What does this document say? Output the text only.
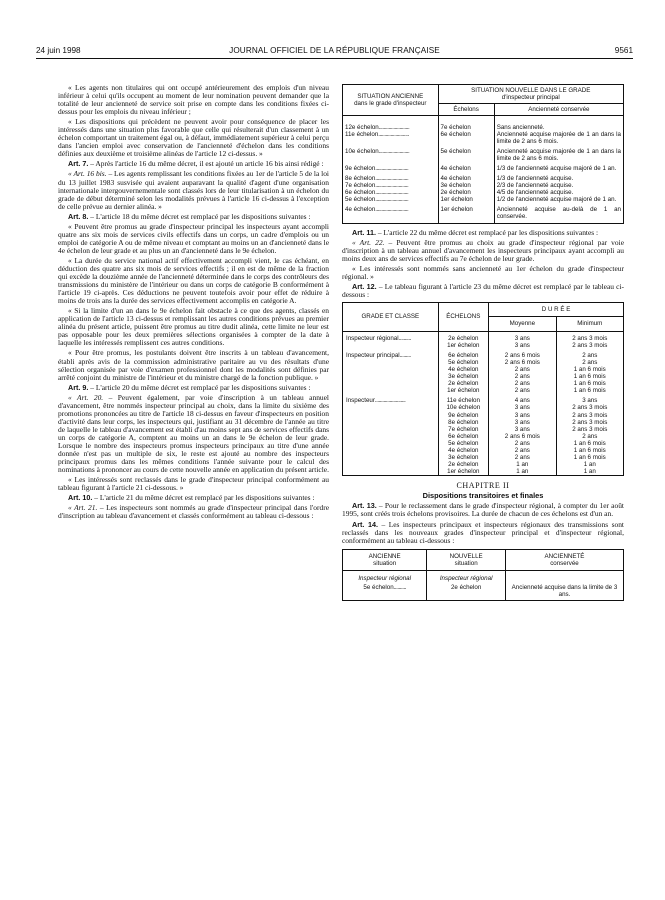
24 juin 1998	JOURNAL OFFICIEL DE LA RÉPUBLIQUE FRANÇAISE	9561

« Les agents non titulaires qui ont occupé antérieurement des emplois d'un niveau inférieur à celui qu'ils occupent au moment de leur nomination peuvent demander que la totalité de leur ancienneté de service soit prise en compte dans les conditions fixées ci-dessus pour les emplois du niveau inférieur ;

« Les dispositions qui précèdent ne peuvent avoir pour conséquence de placer les intéressés dans une situation plus favorable que celle qui résulterait d'un classement à un échelon comportant un traitement égal ou, à défaut, immédiatement supérieur à celui perçu dans l'ancien emploi avec conservation de l'ancienneté d'échelon dans les conditions définies aux deuxième et troisième alinéas de l'article 12 ci-dessus. »

Art. 7. – Après l'article 16 du même décret, il est ajouté un article 16 bis ainsi rédigé :

« Art. 16 bis. – Les agents remplissant les conditions fixées au 1er de l'article 5 de la loi du 13 juillet 1983 susvisée qui avaient auparavant la qualité d'agent d'une organisation internationale intergouvernementale sont classés lors de leur titularisation à un échelon du grade de début déterminé selon les modalités prévues à l'article 16 ci-dessus à l'exception de celle prévue au dernier alinéa. »

Art. 8. – L'article 18 du même décret est remplacé par les dispositions suivantes :

« Peuvent être promus au grade d'inspecteur principal les inspecteurs ayant accompli quatre ans six mois de services civils effectifs dans un corps, un cadre d'emplois ou un emploi de catégorie A ou de même niveau et comptant au moins un an d'ancienneté dans le 4e échelon de leur grade et au plus un an d'ancienneté dans le 9e échelon.

« La durée du service national actif effectivement accompli vient, le cas échéant, en déduction des quatre ans six mois de services effectifs ; il en est de même de la fraction qui excède la douzième année de l'ancienneté déterminée dans le corps des contrôleurs des transmissions du ministère de l'intérieur ou dans un corps de catégorie B conformément à l'article 19 ci-après. Ces déductions ne peuvent toutefois avoir pour effet de réduire à moins de trois ans la durée des services effectivement accomplis en catégorie A.

« Si la limite d'un an dans le 9e échelon fait obstacle à ce que des agents, classés en application de l'article 13 ci-dessus et remplissant les autres conditions prévues au premier alinéa du présent article, puissent être promus au titre dudit alinéa, cette limite ne leur est pas opposable pour les deux premières sélections organisées à compter de la date à laquelle les intéressés remplissent ces autres conditions.

« Pour être promus, les postulants doivent être inscrits à un tableau d'avancement, établi après avis de la commission administrative paritaire au vu des résultats d'une sélection organisée par voie d'examen professionnel dont les modalités sont définies par arrêté conjoint du ministre de l'intérieur et du ministre chargé de la fonction publique. »

Art. 9. – L'article 20 du même décret est remplacé par les dispositions suivantes :

« Art. 20. – Peuvent également, par voie d'inscription à un tableau annuel d'avancement, être nommés inspecteur principal au choix, dans la limite du sixième des promotions prononcées au titre de l'article 18 ci-dessus en faveur d'inspecteurs en position d'activité dans leur corps, les inspecteurs qui, justifiant au 31 décembre de l'année au titre de laquelle le tableau d'avancement est établi d'au moins sept ans de services effectifs dans un corps de catégorie A, comptent au moins un an dans le 9e échelon de leur grade. Lorsque le nombre des inspecteurs promus inspecteurs principaux au titre d'une année donnée n'est pas un multiple de six, le reste est ajouté au nombre des inspecteurs principaux promus dans les mêmes conditions l'année suivante pour le calcul des nominations à prononcer au cours de cette nouvelle année en application du présent article.

« Les intéressés sont reclassés dans le grade d'inspecteur principal conformément au tableau figurant à l'article 21 ci-dessous. »

Art. 10. – L'article 21 du même décret est remplacé par les dispositions suivantes :

« Art. 21. – Les inspecteurs sont nommés au grade d'inspecteur principal dans l'ordre d'inscription au tableau d'avancement et classés conformément au tableau ci-dessous :

SITUATION ANCIENNE
dans le grade d'inspecteur	SITUATION NOUVELLE DANS LE GRADE
d'inspecteur principal	
	Échelons	Ancienneté conservée
12e échelon.........................	7e échelon	Sans ancienneté.
11e échelon.........................	6e échelon	Ancienneté acquise majorée de 1 an dans la limite de 2 ans 6 mois.
10e échelon.........................	5e échelon	Ancienneté acquise majorée de 1 an dans la limite de 2 ans 6 mois.
9e échelon...........................	4e échelon	1/3 de l'ancienneté acquise majoré de 1 an.
8e échelon...........................	4e échelon	1/3 de l'ancienneté acquise.
7e échelon...........................	3e échelon	2/3 de l'ancienneté acquise.
6e échelon...........................	2e échelon	4/5 de l'ancienneté acquise.
5e échelon...........................	1er échelon	1/2 de l'ancienneté acquise majoré de 1 an.
4e échelon...........................	1er échelon	Ancienneté acquise au-delà de 1 an conservée.

Art. 11. – L'article 22 du même décret est remplacé par les dispositions suivantes :

« Art. 22. – Peuvent être promus au choix au grade d'inspecteur régional par voie d'inscription à un tableau annuel d'avancement les inspecteurs principaux ayant accompli au moins deux ans de services effectifs au 7e échelon de leur grade.

« Les intéressés sont nommés sans ancienneté au 1er échelon du grade d'inspecteur régional. »

Art. 12. – Le tableau figurant à l'article 23 du même décret est remplacé par le tableau ci-dessous :

GRADE ET CLASSE	ÉCHELONS	D U R É E	
		Moyenne	Minimum
Inspecteur régional..........	2e échelon	3 ans	2 ans 3 mois
	1er échelon	3 ans	2 ans 3 mois
Inspecteur principal.........	6e échelon	2 ans 6 mois	2 ans
	5e échelon	2 ans 6 mois	2 ans
	4e échelon	2 ans	1 an 6 mois
	3e échelon	2 ans	1 an 6 mois
	2e échelon	2 ans	1 an 6 mois
	1er échelon	2 ans	1 an 6 mois
Inspecteur.........................	11e échelon	4 ans	3 ans
	10e échelon	3 ans	2 ans 3 mois
	9e échelon	3 ans	2 ans 3 mois
	8e échelon	3 ans	2 ans 3 mois
	7e échelon	3 ans	2 ans 3 mois
	6e échelon	2 ans 6 mois	2 ans
	5e échelon	2 ans	1 an 6 mois
	4e échelon	2 ans	1 an 6 mois
	3e échelon	2 ans	1 an 6 mois
	2e échelon	1 an	1 an
	1er échelon	1 an	1 an

CHAPITRE II

Dispositions transitoires et finales

Art. 13. – Pour le reclassement dans le grade d'inspecteur régional, à compter du 1er août 1995, sont créés trois échelons provisoires. La durée de chacun de ces échelons est d'un an.

Art. 14. – Les inspecteurs principaux et inspecteurs régionaux des transmissions sont reclassés dans les nouveaux grades d'inspecteur principal et d'inspecteur régional, conformément au tableau ci-dessous :

ANCIENNE
situation	NOUVELLE
situation	ANCIENNETÉ
conservée
Inspecteur régional	Inspecteur régional	
5e échelon..........	2e échelon	Ancienneté acquise dans la limite de 3 ans.
